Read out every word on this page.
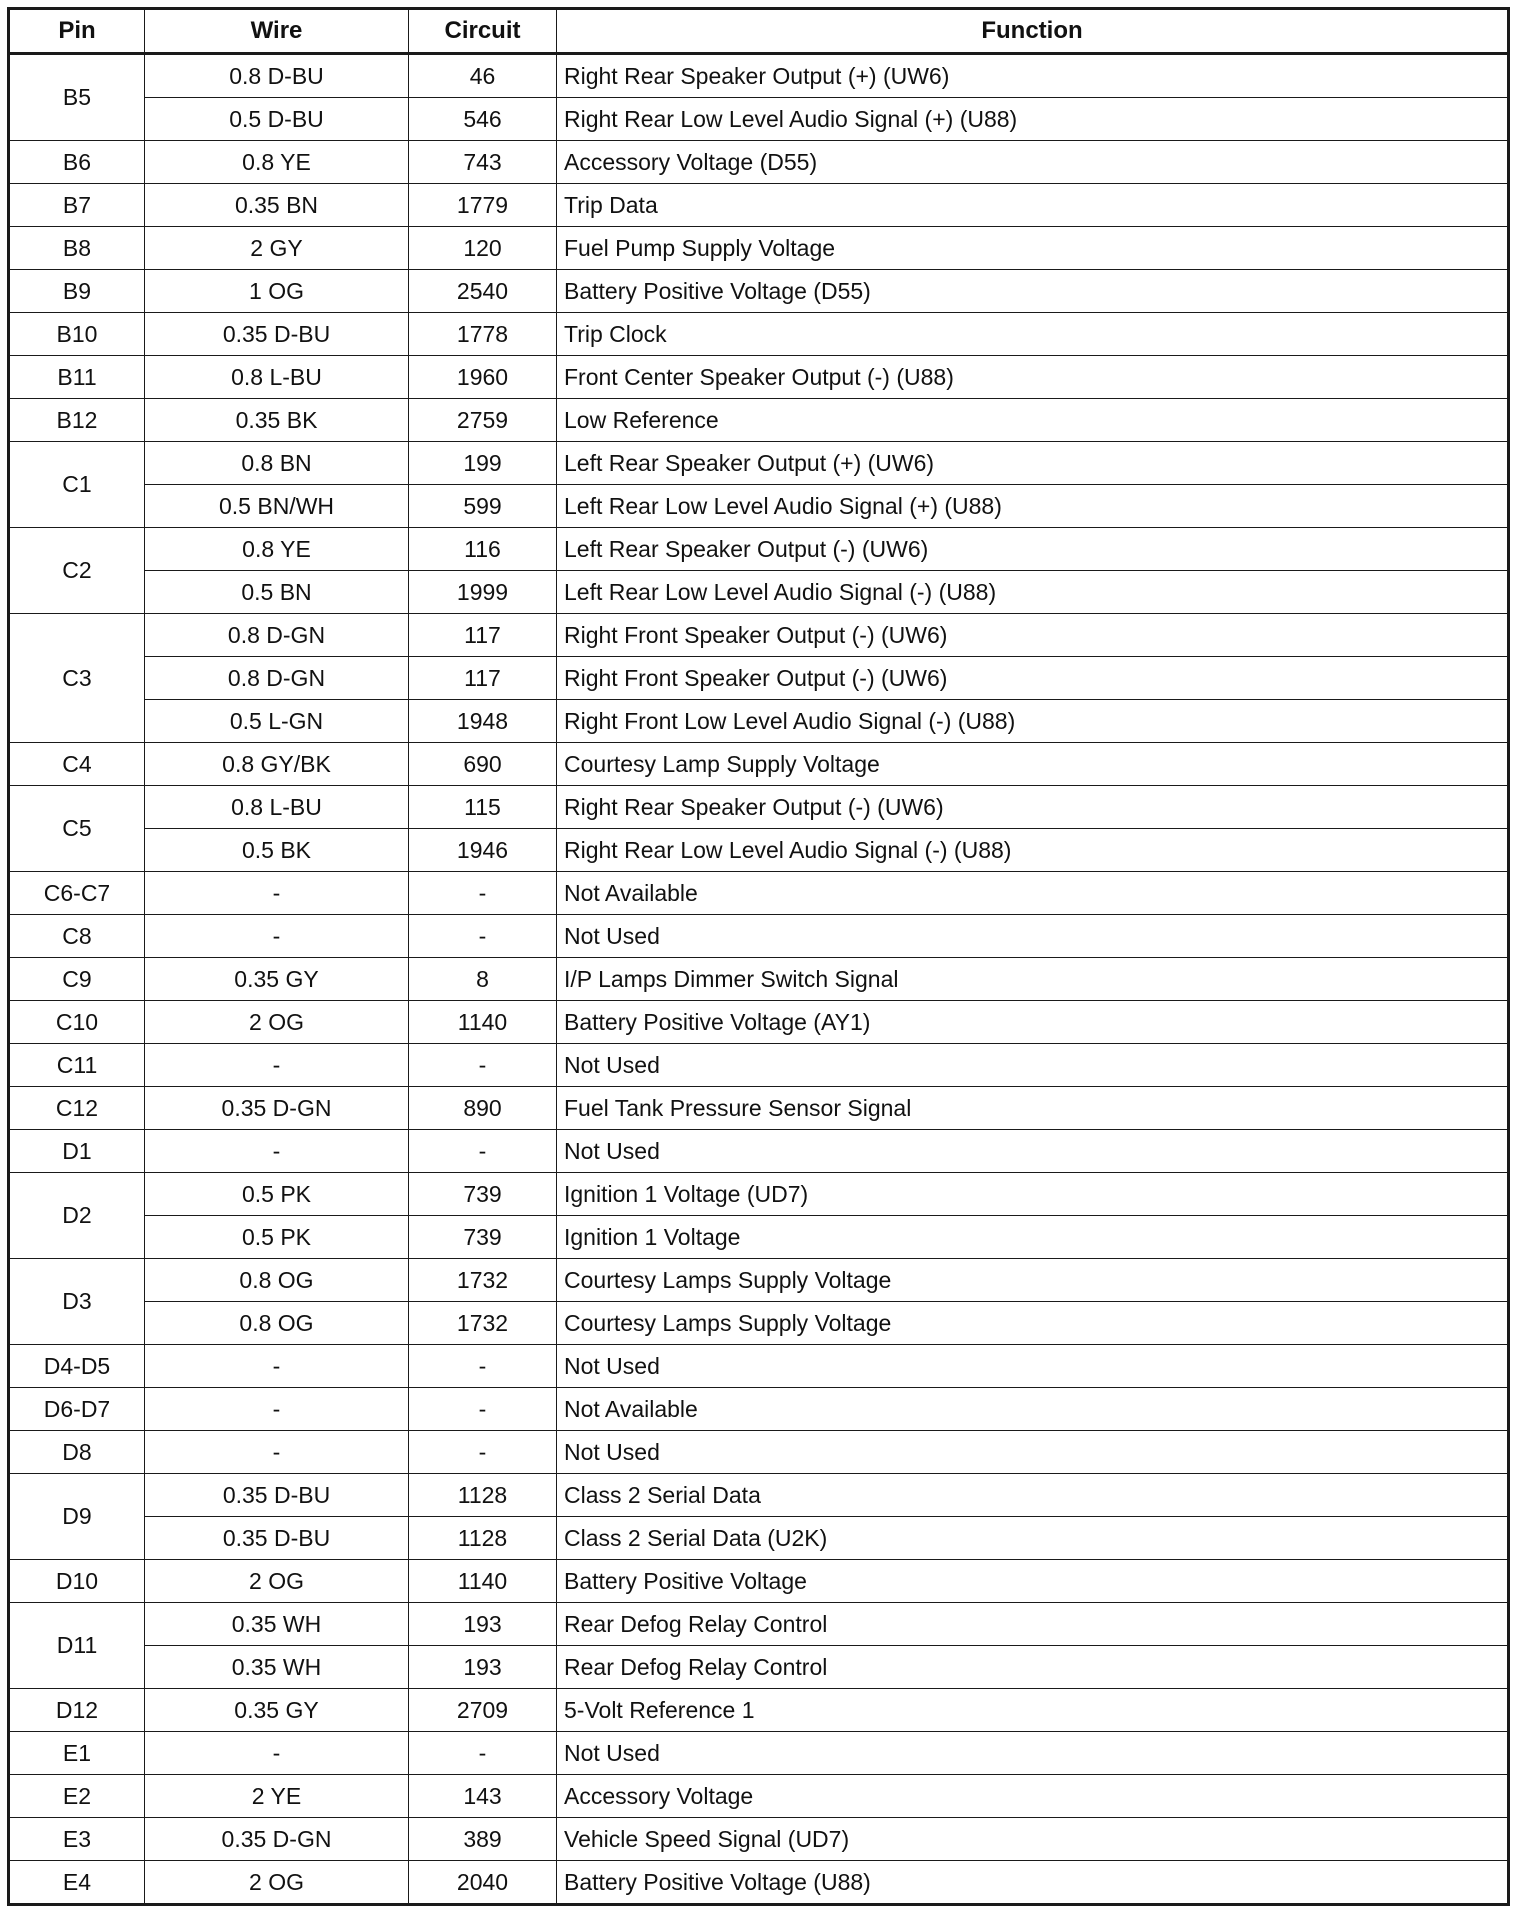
Pin	Wire	Circuit	Function
B5	0.8 D-BU	46	Right Rear Speaker Output (+) (UW6)
	0.5 D-BU	546	Right Rear Low Level Audio Signal (+) (U88)
B6	0.8 YE	743	Accessory Voltage (D55)
B7	0.35 BN	1779	Trip Data
B8	2 GY	120	Fuel Pump Supply Voltage
B9	1 OG	2540	Battery Positive Voltage (D55)
B10	0.35 D-BU	1778	Trip Clock
B11	0.8 L-BU	1960	Front Center Speaker Output (-) (U88)
B12	0.35 BK	2759	Low Reference
C1	0.8 BN	199	Left Rear Speaker Output (+) (UW6)
	0.5 BN/WH	599	Left Rear Low Level Audio Signal (+) (U88)
C2	0.8 YE	116	Left Rear Speaker Output (-) (UW6)
	0.5 BN	1999	Left Rear Low Level Audio Signal (-) (U88)
C3	0.8 D-GN	117	Right Front Speaker Output (-) (UW6)
	0.8 D-GN	117	Right Front Speaker Output (-) (UW6)
	0.5 L-GN	1948	Right Front Low Level Audio Signal (-) (U88)
C4	0.8 GY/BK	690	Courtesy Lamp Supply Voltage
C5	0.8 L-BU	115	Right Rear Speaker Output (-) (UW6)
	0.5 BK	1946	Right Rear Low Level Audio Signal (-) (U88)
C6-C7	-	-	Not Available
C8	-	-	Not Used
C9	0.35 GY	8	I/P Lamps Dimmer Switch Signal
C10	2 OG	1140	Battery Positive Voltage (AY1)
C11	-	-	Not Used
C12	0.35 D-GN	890	Fuel Tank Pressure Sensor Signal
D1	-	-	Not Used
D2	0.5 PK	739	Ignition 1 Voltage (UD7)
	0.5 PK	739	Ignition 1 Voltage
D3	0.8 OG	1732	Courtesy Lamps Supply Voltage
	0.8 OG	1732	Courtesy Lamps Supply Voltage
D4-D5	-	-	Not Used
D6-D7	-	-	Not Available
D8	-	-	Not Used
D9	0.35 D-BU	1128	Class 2 Serial Data
	0.35 D-BU	1128	Class 2 Serial Data (U2K)
D10	2 OG	1140	Battery Positive Voltage
D11	0.35 WH	193	Rear Defog Relay Control
	0.35 WH	193	Rear Defog Relay Control
D12	0.35 GY	2709	5-Volt Reference 1
E1	-	-	Not Used
E2	2 YE	143	Accessory Voltage
E3	0.35 D-GN	389	Vehicle Speed Signal (UD7)
E4	2 OG	2040	Battery Positive Voltage (U88)
